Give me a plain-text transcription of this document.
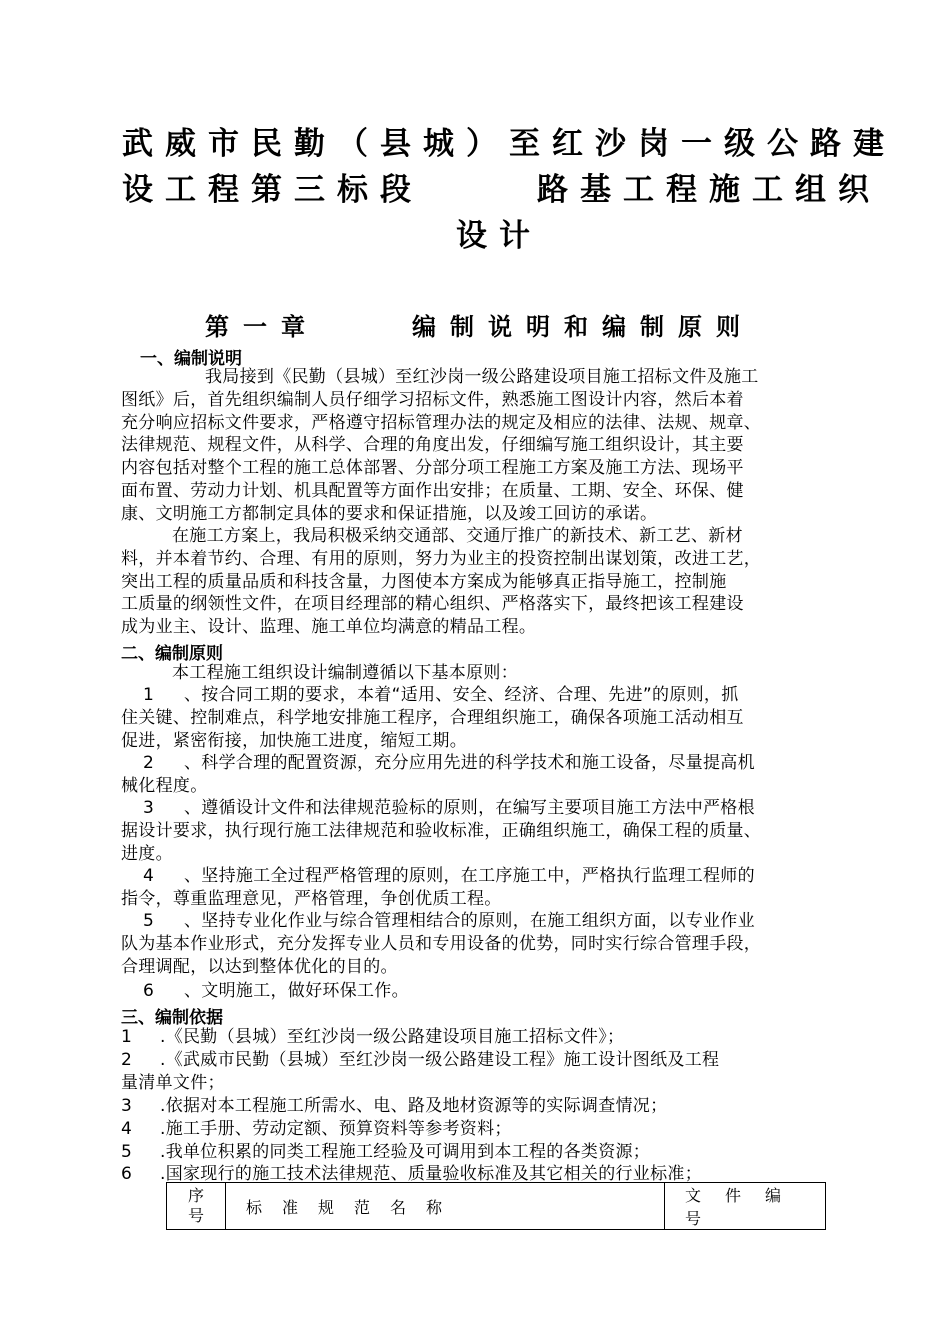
武威市民勤（县城）至红沙岗一级公路建
设工程第三标段	路基工程施工组织
设计
第一章	编制说明和编制原则
一、编制说明
我局接到《民勤（县城）至红沙岗一级公路建设项目施工招标文件及施工
图纸》后，首先组织编制人员仔细学习招标文件，熟悉施工图设计内容，然后本着
充分响应招标文件要求，严格遵守招标管理办法的规定及相应的法律、法规、规章、
法律规范、规程文件，从科学、合理的角度出发，仔细编写施工组织设计，其主要
内容包括对整个工程的施工总体部署、分部分项工程施工方案及施工方法、现场平
面布置、劳动力计划、机具配置等方面作出安排；在质量、工期、安全、环保、健
康、文明施工方都制定具体的要求和保证措施，以及竣工回访的承诺。
在施工方案上，我局积极采纳交通部、交通厅推广的新技术、新工艺、新材
料，并本着节约、合理、有用的原则，努力为业主的投资控制出谋划策，改进工艺，
突出工程的质量品质和科技含量，力图使本方案成为能够真正指导施工，控制施
工质量的纲领性文件，在项目经理部的精心组织、严格落实下，最终把该工程建设
成为业主、设计、监理、施工单位均满意的精品工程。
二、编制原则
本工程施工组织设计编制遵循以下基本原则：
1 、按合同工期的要求，本着“适用、安全、经济、合理、先进”的原则，抓
住关键、控制难点，科学地安排施工程序，合理组织施工，确保各项施工活动相互
促进，紧密衔接，加快施工进度，缩短工期。
2 、科学合理的配置资源，充分应用先进的科学技术和施工设备，尽量提高机
械化程度。
3 、遵循设计文件和法律规范验标的原则，在编写主要项目施工方法中严格根
据设计要求，执行现行施工法律规范和验收标准，正确组织施工，确保工程的质量、
进度。
4 、坚持施工全过程严格管理的原则，在工序施工中，严格执行监理工程师的
指令，尊重监理意见，严格管理，争创优质工程。
5 、坚持专业化作业与综合管理相结合的原则，在施工组织方面，以专业作业
队为基本作业形式，充分发挥专业人员和专用设备的优势，同时实行综合管理手段，
合理调配，以达到整体优化的目的。
6 、文明施工，做好环保工作。
三、编制依据
1 .《民勤（县城）至红沙岗一级公路建设项目施工招标文件》；
2 .《武威市民勤（县城）至红沙岗一级公路建设工程》施工设计图纸及工程
量清单文件；
3 .依据对本工程施工所需水、电、路及地材资源等的实际调查情况；
4 .施工手册、劳动定额、预算资料等参考资料；
5 .我单位积累的同类工程施工经验及可调用到本工程的各类资源；
6 .国家现行的施工技术法律规范、质量验收标准及其它相关的行业标准；
序
号	标准规范名称	文件编号
